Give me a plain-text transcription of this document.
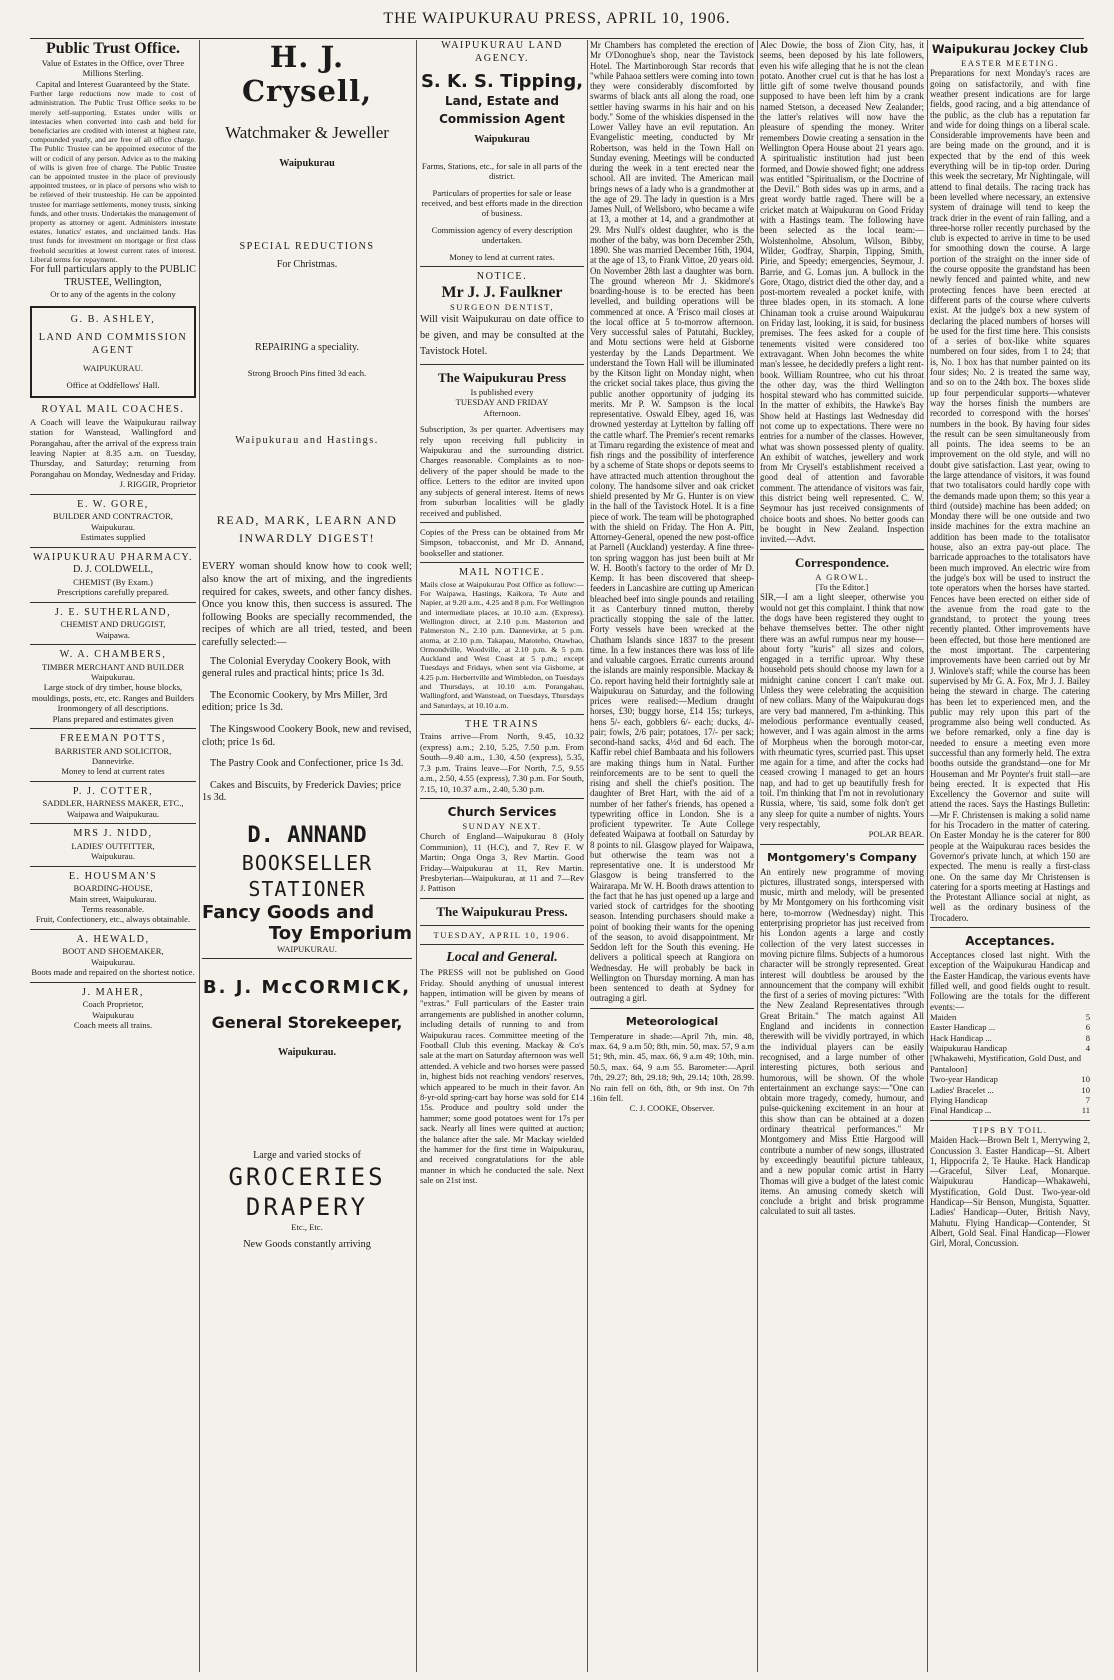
THE WAIPUKURAU PRESS, APRIL 10, 1906.
Public Trust Office.
Value of Estates in the Office, over Three Millions Sterling.
Capital and Interest Guaranteed by the State.
Further large reductions now made to cost of administration. The Public Trust Office seeks to be merely self-supporting. Estates under wills or intestacies when converted into cash and held for beneficiaries are credited with interest at highest rate, compounded yearly, and are free of all office charge. The Public Trustee can be appointed executor of the will or codicil of any person. Advice as to the making of wills is given free of charge. The Public Trustee can be appointed trustee in the place of previously appointed trustees, or in place of persons who wish to be relieved of their trusteeship. He can be appointed trustee for marriage settlements, money trusts, sinking funds, and other trusts. Undertakes the management of property as attorney or agent. Administers intestate estates, lunatics' estates, and unclaimed lands. Has trust funds for investment on mortgage or first class freehold securities at lowest current rates of interest. Liberal terms for repayment.
For full particulars apply to the PUBLIC TRUSTEE, Wellington,
Or to any of the agents in the colony
G. B. ASHLEY,
LAND AND COMMISSION AGENT
WAIPUKURAU.
Office at Oddfellows' Hall.
ROYAL MAIL COACHES.
A Coach will leave the Waipukurau railway station for Wanstead, Wallingford and Porangahau, after the arrival of the express train leaving Napier at 8.35 a.m. on Tuesday, Thursday, and Saturday; returning from Porangahau on Monday, Wednesday and Friday.
J. RIGGIR, Proprietor
E. W. GORE,
BUILDER AND CONTRACTOR,
Waipukurau.
Estimates supplied
WAIPUKURAU PHARMACY.
D. J. COLDWELL,
CHEMIST (By Exam.)
Prescriptions carefully prepared.
J. E. SUTHERLAND,
CHEMIST AND DRUGGIST,
Waipawa.
W. A. CHAMBERS,
TIMBER MERCHANT AND BUILDER
Waipukurau.
Large stock of dry timber, house blocks, mouldings, posts, etc, etc. Ranges and Builders Ironmongery of all descriptions.
Plans prepared and estimates given
FREEMAN POTTS,
BARRISTER AND SOLICITOR,
Dannevirke.
Money to lend at current rates
P. J. COTTER,
SADDLER, HARNESS MAKER, ETC.,
Waipawa and Waipukurau.
MRS J. NIDD,
LADIES' OUTFITTER,
Waipukurau.
E. HOUSMAN'S
BOARDING-HOUSE,
Main street, Waipukurau.
Terms reasonable.
Fruit, Confectionery, etc., always obtainable.
A. HEWALD,
BOOT AND SHOEMAKER,
Waipukurau.
Boots made and repaired on the shortest notice.
J. MAHER,
Coach Proprietor,
Waipukurau
Coach meets all trains.
H. J. Crysell,
Watchmaker & Jeweller
Waipukurau
SPECIAL REDUCTIONS
For Christmas.
REPAIRING a speciality.
Strong Brooch Pins fitted 3d each.
Waipukurau and Hastings.
READ, MARK, LEARN AND INWARDLY DIGEST!
EVERY woman should know how to cook well; also know the art of mixing, and the ingredients required for cakes, sweets, and other fancy dishes. Once you know this, then success is assured. The following Books are specially recommended, the recipes of which are all tried, tested, and been carefully selected:—

The Colonial Everyday Cookery Book, with general rules and practical hints; price 1s 3d.

The Economic Cookery, by Mrs Miller, 3rd edition; price 1s 3d.

The Kingswood Cookery Book, new and revised, cloth; price 1s 6d.

The Pastry Cook and Confectioner, price 1s 3d.

Cakes and Biscuits, by Frederick Davies; price 1s 3d.

D. ANNAND
BOOKSELLER STATIONER
Fancy Goods and
Toy Emporium
WAIPUKURAU.
B. J. McCORMICK,
General Storekeeper,
Waipukurau.
Large and varied stocks of
GROCERIES
DRAPERY
Etc., Etc.
New Goods constantly arriving
WAIPUKURAU LAND AGENCY.
S. K. S. Tipping,
Land, Estate and Commission Agent
Waipukurau
Farms, Stations, etc., for sale in all parts of the district.
Particulars of properties for sale or lease received, and best efforts made in the direction of business.
Commission agency of every description undertaken.
Money to lend at current rates.
NOTICE.
Mr J. J. Faulkner
SURGEON DENTIST,
Will visit Waipukurau on date office to be given, and may be consulted at the Tavistock Hotel.
The Waipukurau Press
Is published every
TUESDAY AND FRIDAY
Afternoon.
Subscription, 3s per quarter. Advertisers may rely upon receiving full publicity in Waipukurau and the surrounding district. Charges reasonable. Complaints as to non-delivery of the paper should be made to the office. Letters to the editor are invited upon any subjects of general interest. Items of news from suburban localities will be gladly received and published.
Copies of the Press can be obtained from Mr Simpson, tobacconist, and Mr D. Annand, bookseller and stationer.
MAIL NOTICE.
Mails close at Waipukurau Post Office as follow:— For Waipawa, Hastings, Kaikora, Te Aute and Napier, at 9.20 a.m., 4.25 and 8 p.m. For Wellington and intermediate places, at 10.10 a.m. (Express). Wellington direct, at 2.10 p.m. Masterton and Palmerston N., 2.10 p.m. Dannevirke, at 5 p.m. atoma, at 2.10 p.m. Takapau, Matoteho, Otawhao, Ormondville, Woodville, at 2.10 p.m. & 5 p.m. Auckland and West Coast at 5 p.m.; except Tuesdays and Fridays, when sent via Gisborne, at 4.25 p.m. Herbertville and Wimbledon, on Tuesdays and Thursdays, at 10.10 a.m. Porangahau, Wallingford, and Wanstead, on Tuesdays, Thursdays and Saturdays, at 10.10 a.m.
THE TRAINS
Trains arrive—From North, 9.45, 10.32 (express) a.m.; 2.10, 5.25, 7.50 p.m. From South—9.40 a.m., 1.30, 4.50 (express), 5.35, 7.3 p.m. Trains leave—For North, 7.5, 9.55 a.m., 2.50, 4.55 (express), 7.30 p.m. For South, 7.15, 10, 10.37 a.m., 2.40, 5.30 p.m.
Church Services
SUNDAY NEXT.
Church of England—Waipukurau 8 (Holy Communion), 11 (H.C), and 7, Rev F. W Martin; Onga Onga 3, Rev Martin. Good Friday—Waipukurau at 11, Rev Martin. Presbyterian—Waipukurau, at 11 and 7—Rev J. Pattison
The Waipukurau Press.
TUESDAY, APRIL 10, 1906.
Local and General.
The PRESS will not be published on Good Friday. Should anything of unusual interest happen, intimation will be given by means of "extras." Full particulars of the Easter train arrangements are published in another column, including details of running to and from Waipukurau races. Committee meeting of the Football Club this evening. Mackay & Co's sale at the mart on Saturday afternoon was well attended. A vehicle and two horses were passed in, highest bids not reaching vendors' reserves, which appeared to be much in their favor. An 8-yr-old spring-cart bay horse was sold for £14 15s. Produce and poultry sold under the hammer; some good potatoes went for 17s per sack. Nearly all lines were quitted at auction; the balance after the sale. Mr Mackay wielded the hammer for the first time in Waipukurau, and received congratulations for the able manner in which he conducted the sale. Next sale on 21st inst.
Mr Chambers has completed the erection of Mr O'Donoghue's shop, near the Tavistock Hotel. The Martinborough Star records that "while Pahaoa settlers were coming into town they were considerably discomforted by swarms of black ants all along the road, one settler having swarms in his hair and on his body." Some of the whiskies dispensed in the Lower Valley have an evil reputation. An Evangelistic meeting, conducted by Mr Robertson, was held in the Town Hall on Sunday evening. Meetings will be conducted during the week in a tent erected near the school. All are invited. The American mail brings news of a lady who is a grandmother at the age of 29. The lady in question is a Mrs James Null, of Wellsboro, who became a wife at 13, a mother at 14, and a grandmother at 29. Mrs Null's oldest daughter, who is the mother of the baby, was born December 25th, 1890. She was married December 16th, 1904, at the age of 13, to Frank Vittoe, 20 years old. On November 28th last a daughter was born. The ground whereon Mr J. Skidmore's boarding-house is to be erected has been levelled, and building operations will be commenced at once. A 'Frisco mail closes at the local office at 5 to-morrow afternoon. Very successful sales of Patutahi, Buckley, and Motu sections were held at Gisborne yesterday by the Lands Department. We understand the Town Hall will be illuminated by the Kitson light on Monday night, when the cricket social takes place, thus giving the public another opportunity of judging its merits. Mr P. W. Sampson is the local representative. Oswald Elbey, aged 16, was drowned yesterday at Lyttelton by falling off the cattle wharf. The Premier's recent remarks at Timaru regarding the existence of meat and fish rings and the possibility of interference by a scheme of State shops or depots seems to have attracted much attention throughout the colony. The handsome silver and oak cricket shield presented by Mr G. Hunter is on view in the hall of the Tavistock Hotel. It is a fine piece of work. The team will be photographed with the shield on Friday. The Hon A. Pitt, Attorney-General, opened the new post-office at Parnell (Auckland) yesterday. A fine three-ton spring waggon has just been built at Mr W. H. Booth's factory to the order of Mr D. Kemp. It has been discovered that sheep-feeders in Lancashire are cutting up American bleached beef into single pounds and retailing it as Canterbury tinned mutton, thereby practically stopping the sale of the latter. Forty vessels have been wrecked at the Chatham Islands since 1837 to the present time. In a few instances there was loss of life and valuable cargoes. Erratic currents around the islands are mainly responsible. Mackay & Co. report having held their fortnightly sale at Waipukurau on Saturday, and the following prices were realised:—Medium draught horses, £30; buggy horse, £14 15s; turkeys, hens 5/- each, gobblers 6/- each; ducks, 4/- pair; fowls, 2/6 pair; potatoes, 17/- per sack; second-hand sacks, 4½d and 6d each. The Kaffir rebel chief Bambaata and his followers are making things hum in Natal. Further reinforcements are to be sent to quell the rising and shell the chief's position. The daughter of Bret Hart, with the aid of a number of her father's friends, has opened a typewriting office in London. She is a proficient typewriter. Te Aute College defeated Waipawa at football on Saturday by 8 points to nil. Glasgow played for Waipawa, but otherwise the team was not a representative one. It is understood Mr Glasgow is being transferred to the Wairarapa. Mr W. H. Booth draws attention to the fact that he has just opened up a large and varied stock of cartridges for the shooting season. Intending purchasers should make a point of booking their wants for the opening of the season, to avoid disappointment. Mr Seddon left for the South this evening. He delivers a political speech at Rangiora on Wednesday. He will probably be back in Wellington on Thursday morning. A man has been sentenced to death at Sydney for outraging a girl.
Meteorological
Temperature in shade:—April 7th, min. 48, max. 64, 9 a.m 50; 8th, min. 50, max. 57, 9 a.m 51; 9th, min. 45, max. 66, 9 a.m 49; 10th, min. 50.5, max. 64, 9 a.m 55. Barometer:—April 7th, 29.27; 8th, 29.18; 9th, 29.14; 10th, 28.99. No rain fell on 6th, 8th, or 9th inst. On 7th .16in fell.
C. J. COOKE, Observer.
Alec Dowie, the boss of Zion City, has, it seems, been deposed by his late followers, even his wife alleging that he is not the clean potato. Another cruel cut is that he has lost a little gift of some twelve thousand pounds supposed to have been left him by a crank named Stetson, a deceased New Zealander; the latter's relatives will now have the pleasure of spending the money. Writer remembers Dowie creating a sensation in the Wellington Opera House about 21 years ago. A spiritualistic institution had just been formed, and Dowie showed fight; one address was entitled "Spiritualism, or the Doctrine of the Devil." Both sides was up in arms, and a great wordy battle raged. There will be a cricket match at Waipukurau on Good Friday with a Hastings team. The following have been selected as the local team:—Wolstenholme, Absolum, Wilson, Bibby, Wilder, Godfray, Sharpin, Tipping, Smith, Pirie, and Speedy; emergencies, Seymour, J. Barrie, and G. Lomas jun. A bullock in the Gore, Otago, district died the other day, and a post-mortem revealed a pocket knife, with three blades open, in its stomach. A lone Chinaman took a cruise around Waipukurau on Friday last, looking, it is said, for business premises. The fees asked for a couple of tenements visited were considered too extravagant. When John becomes the white man's lessee, he decidedly prefers a light rent-book. William Rountree, who cut his throat the other day, was the third Wellington hospital steward who has committed suicide. In the matter of exhibits, the Hawke's Bay Show held at Hastings last Wednesday did not come up to expectations. There were no entries for a number of the classes. However, what was shown possessed plenty of quality. An exhibit of watches, jewellery and work from Mr Crysell's establishment received a good deal of attention and favorable comment. The attendance of visitors was fair, this district being well represented. C. W. Seymour has just received consignments of choice boots and shoes. No better goods can be bought in New Zealand. Inspection invited.—Advt.
Correspondence.
A GROWL.
[To the Editor.]
SIR,—I am a light sleeper, otherwise you would not get this complaint. I think that now the dogs have been registered they ought to behave themselves better. The other night there was an awful rumpus near my house—about forty "kuris" all sizes and colors, engaged in a terrific uproar. Why these household pets should choose my lawn for a midnight canine concert I can't make out. Unless they were celebrating the acquisition of new collars. Many of the Waipukurau dogs are very bad mannered, I'm a-thinking. This melodious performance eventually ceased, however, and I was again almost in the arms of Morpheus when the borough motor-car, with rheumatic tyres, scurried past. This upset me again for a time, and after the cocks had ceased crowing I managed to get an hours nap, and had to get up beautifully fresh for toil. I'm thinking that I'm not in revolutionary Russia, where, 'tis said, some folk don't get any sleep for quite a number of nights. Yours very respectably,
POLAR BEAR.
Montgomery's Company
An entirely new programme of moving pictures, illustrated songs, interspersed with music, mirth and melody, will be presented by Mr Montgomery on his forthcoming visit here, to-morrow (Wednesday) night. This enterprising proprietor has just received from his London agents a large and costly collection of the very latest successes in moving picture films. Subjects of a humorous character will be strongly represented. Great interest will doubtless be aroused by the announcement that the company will exhibit the first of a series of moving pictures: "With the New Zealand Representatives through Great Britain." The match against All England and incidents in connection therewith will be vividly portrayed, in which the individual players can be easily recognised, and a large number of other interesting pictures, both serious and humorous, will be shown. Of the whole entertainment an exchange says:—"One can obtain more tragedy, comedy, humour, and pulse-quickening excitement in an hour at this show than can be obtained at a dozen ordinary theatrical performances." Mr Montgomery and Miss Ettie Hargood will contribute a number of new songs, illustrated by exceedingly beautiful picture tableaux, and a new popular comic artist in Harry Thomas will give a budget of the latest comic items. An amusing comedy sketch will conclude a bright and brisk programme calculated to suit all tastes.
Waipukurau Jockey Club
EASTER MEETING.
Preparations for next Monday's races are going on satisfactorily, and with fine weather present indications are for large fields, good racing, and a big attendance of the public, as the club has a reputation far and wide for doing things on a liberal scale. Considerable improvements have been and are being made on the ground, and it is expected that by the end of this week everything will be in tip-top order. During this week the secretary, Mr Nightingale, will attend to final details. The racing track has been levelled where necessary, an extensive system of drainage will tend to keep the track drier in the event of rain falling, and a three-horse roller recently purchased by the club is expected to arrive in time to be used for smoothing down the course. A large portion of the straight on the inner side of the course opposite the grandstand has been newly fenced and painted white, and new protecting fences have been erected at different parts of the course where culverts exist. At the judge's box a new system of declaring the placed numbers of horses will be used for the first time here. This consists of a series of box-like white squares numbered on four sides, from 1 to 24; that is, No. 1 box has that number painted on its four sides; No. 2 is treated the same way, and so on to the 24th box. The boxes slide up four perpendicular supports—whatever way the horses finish the numbers are recorded to correspond with the horses' numbers in the book. By having four sides the result can be seen simultaneously from all points. The idea seems to be an improvement on the old style, and will no doubt give satisfaction. Last year, owing to the large attendance of visitors, it was found that two totalisators could hardly cope with the demands made upon them; so this year a third (outside) machine has been added; on Monday there will be one outside and two inside machines for the extra machine an addition has been made to the totalisator house, also an extra pay-out place. The barricade approaches to the totalisators have been much improved. An electric wire from the judge's box will be used to instruct the tote operators when the horses have started. Fences have been erected on either side of the avenue from the road gate to the grandstand, to protect the young trees recently planted. Other improvements have been effected, but those here mentioned are the most important. The carpentering improvements have been carried out by Mr J. Winlove's staff; while the course has been supervised by Mr G. A. Fox, Mr J. J. Bailey being the steward in charge. The catering has been let to experienced men, and the public may rely upon this part of the programme also being well conducted. As we before remarked, only a fine day is needed to ensure a meeting even more successful than any formerly held. The extra booths outside the grandstand—one for Mr Houseman and Mr Poynter's fruit stall—are being erected. It is expected that His Excellency the Governor and suite will attend the races. Says the Hastings Bulletin:—Mr F. Christensen is making a solid name for his Trocadero in the matter of catering. On Easter Monday he is the caterer for 800 people at the Waipukurau races besides the Governor's private lunch, at which 150 are expected. The menu is really a first-class one. On the same day Mr Christensen is catering for a sports meeting at Hastings and the Protestant Alliance social at night, as well as the ordinary business of the Trocadero.
Acceptances.
Acceptances closed last night. With the exception of the Waipukurau Handicap and the Easter Handicap, the various events have filled well, and good fields ought to result. Following are the totals for the different events:—
Maiden	5
Easter Handicap ...	6
Hack Handicap ...	8
Waipukurau Handicap	4
[Whakawehi, Mystification, Gold Dust, and Pantaloon]
Two-year Handicap	10
Ladies' Bracelet ...	10
Flying Handicap	7
Final Handicap ...	11
TIPS BY TOIL.
Maiden Hack—Brown Belt 1, Merrywing 2, Concussion 3. Easter Handicap—St. Albert 1, Hippocrifa 2, Te Hauke. Hack Handicap—Graceful, Silver Leaf, Monarque. Waipukurau Handicap—Whakawehi, Mystification, Gold Dust. Two-year-old Handicap—Sir Benson, Mungista, Squatter. Ladies' Handicap—Outer, British Navy, Mahutu. Flying Handicap—Contender, St Albert, Gold Seal. Final Handicap—Flower Girl, Moral, Concussion.
